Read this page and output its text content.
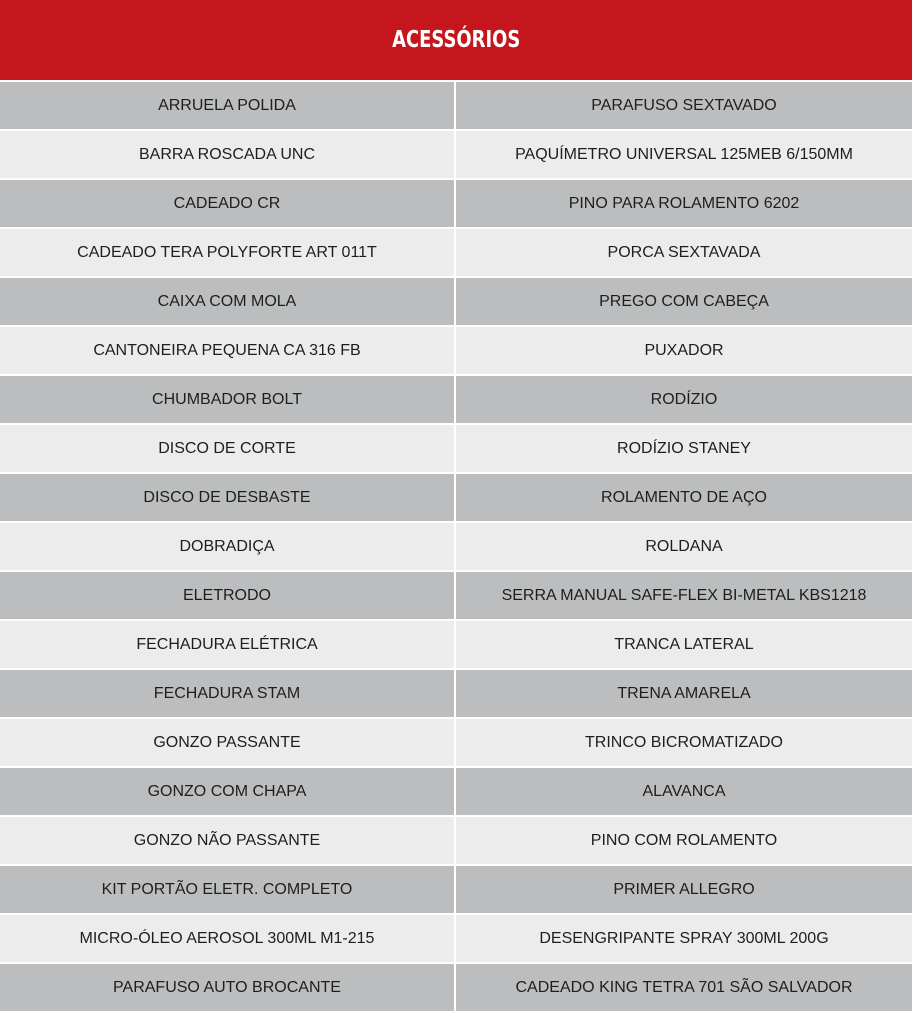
ACESSÓRIOS
ARRUELA POLIDA
BARRA ROSCADA UNC
CADEADO CR
CADEADO TERA POLYFORTE ART 011T
CAIXA COM MOLA
CANTONEIRA PEQUENA CA 316 FB
CHUMBADOR BOLT
DISCO DE CORTE
DISCO DE DESBASTE
DOBRADIÇA
ELETRODO
FECHADURA ELÉTRICA
FECHADURA STAM
GONZO PASSANTE
GONZO COM CHAPA
GONZO NÃO PASSANTE
KIT PORTÃO ELETR. COMPLETO
MICRO-ÓLEO AEROSOL 300ML M1-215
PARAFUSO AUTO BROCANTE
PARAFUSO SEXTAVADO
PAQUÍMETRO UNIVERSAL 125MEB 6/150MM
PINO PARA ROLAMENTO 6202
PORCA SEXTAVADA
PREGO COM CABEÇA
PUXADOR
RODÍZIO
RODÍZIO STANEY
ROLAMENTO DE AÇO
ROLDANA
SERRA MANUAL SAFE-FLEX BI-METAL KBS1218
TRANCA LATERAL
TRENA AMARELA
TRINCO BICROMATIZADO
ALAVANCA
PINO COM ROLAMENTO
PRIMER ALLEGRO
DESENGRIPANTE SPRAY 300ML 200G
CADEADO KING TETRA 701 SÃO SALVADOR
